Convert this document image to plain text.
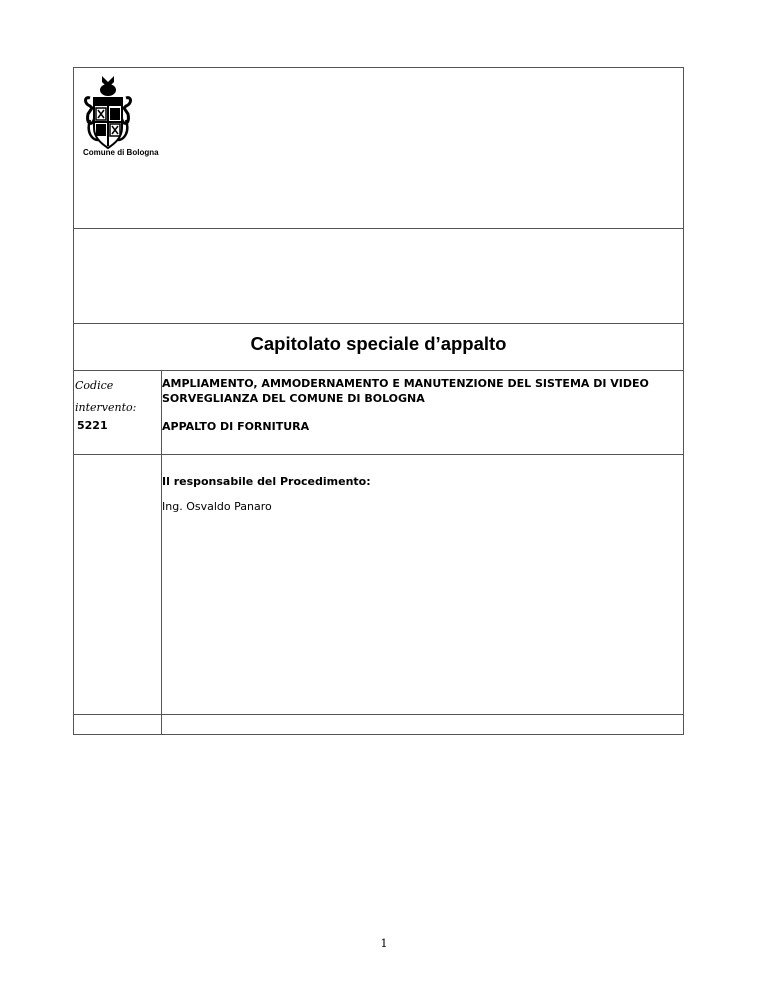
Comune di Bologna
Capitolato speciale d’appalto
Codice intervento:
5221
AMPLIAMENTO, AMMODERNAMENTO E MANUTENZIONE DEL SISTEMA DI VIDEO SORVEGLIANZA DEL COMUNE DI BOLOGNA
APPALTO DI FORNITURA
Il responsabile del Procedimento:
Ing. Osvaldo Panaro
1
